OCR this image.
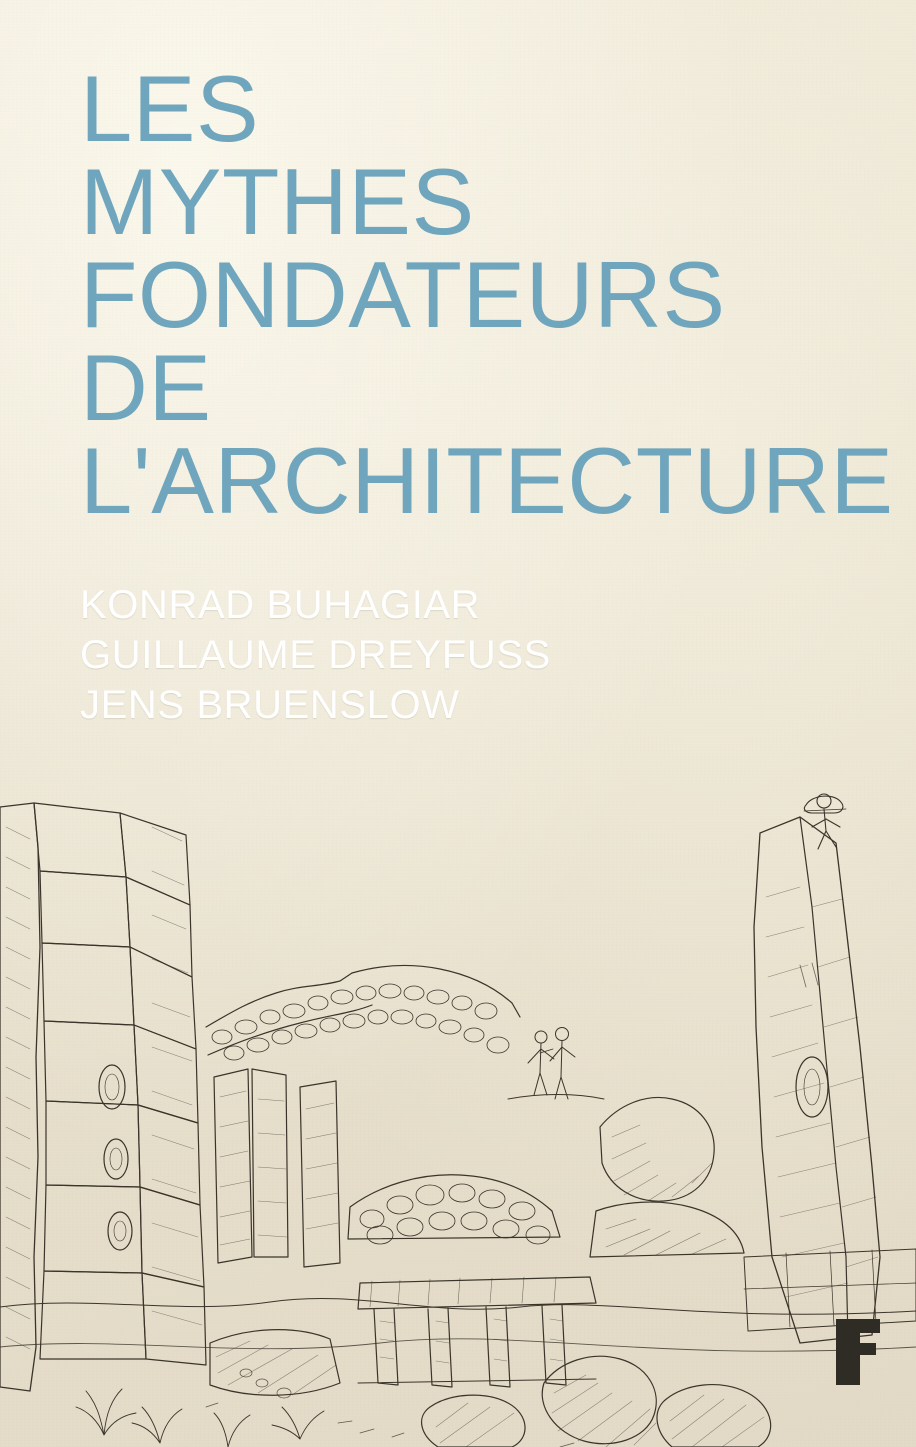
LES
MYTHES
FONDATEURS
DE
L'ARCHITECTURE
KONRAD BUHAGIAR
GUILLAUME DREYFUSS
JENS BRUENSLOW
